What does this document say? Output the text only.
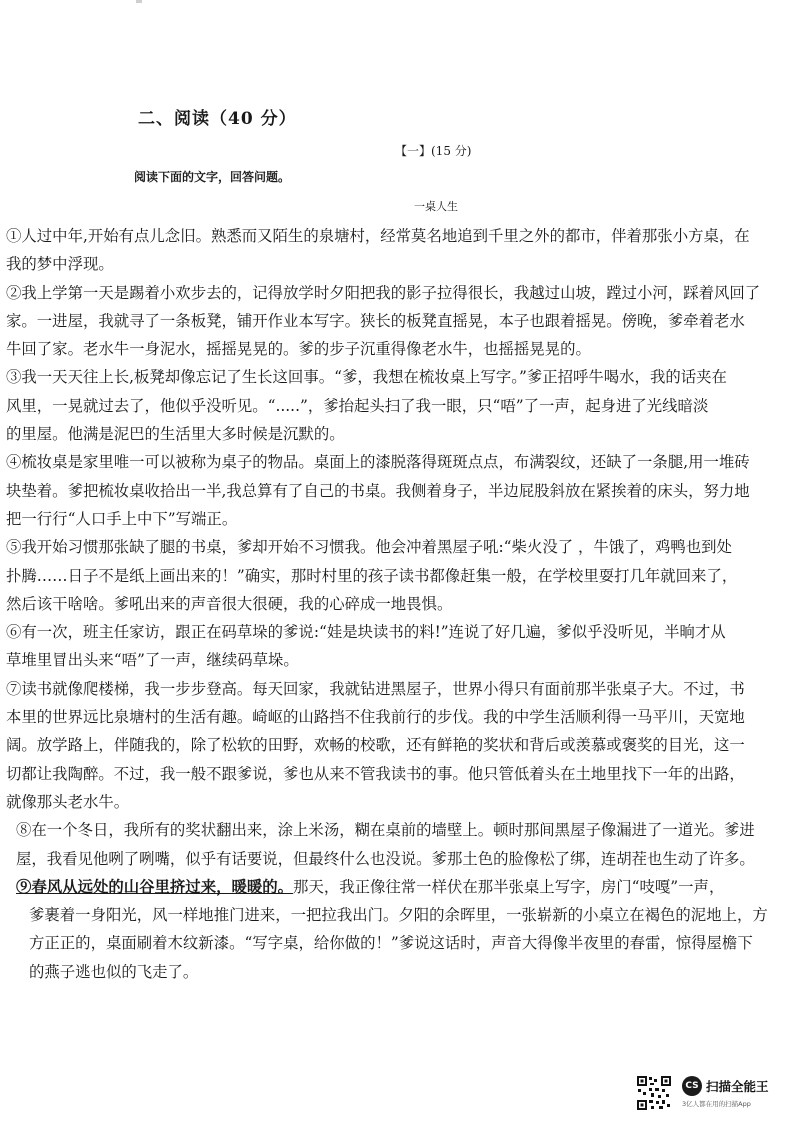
二、阅读（40 分）
【一】(15 分)
阅读下面的文字，回答问题。
一桌人生

①人过中年,开始有点儿念旧。熟悉而又陌生的泉塘村，经常莫名地追到千里之外的都市，伴着那张小方桌，在
我的梦中浮现。

②我上学第一天是踢着小欢步去的，记得放学时夕阳把我的影子拉得很长，我越过山坡，蹚过小河，踩着风回了
家。一进屋，我就寻了一条板凳，铺开作业本写字。狭长的板凳直摇晃，本子也跟着摇晃。傍晚，爹牵着老水
牛回了家。老水牛一身泥水，摇摇晃晃的。爹的步子沉重得像老水牛，也摇摇晃晃的。

③我一天天往上长,板凳却像忘记了生长这回事。“爹，我想在梳妆桌上写字。”爹正招呼牛喝水，我的话夹在
风里，一晃就过去了，他似乎没听见。“.....”，爹抬起头扫了我一眼，只“唔”了一声，起身进了光线暗淡
的里屋。他满是泥巴的生活里大多时候是沉默的。

④梳妆桌是家里唯一可以被称为桌子的物品。桌面上的漆脱落得斑斑点点，布满裂纹，还缺了一条腿,用一堆砖
块垫着。爹把梳妆桌收拾出一半,我总算有了自己的书桌。我侧着身子，半边屁股斜放在紧挨着的床头，努力地
把一行行“人口手上中下”写端正。

⑤我开始习惯那张缺了腿的书桌，爹却开始不习惯我。他会冲着黑屋子吼:“柴火没了 ，牛饿了，鸡鸭也到处
扑腾……日子不是纸上画出来的！”确实，那时村里的孩子读书都像赶集一般，在学校里耍打几年就回来了，
然后该干啥啥。爹吼出来的声音很大很硬，我的心碎成一地畏惧。

⑥有一次，班主任家访，跟正在码草垛的爹说:“娃是块读书的料!”连说了好几遍，爹似乎没听见，半晌才从
草堆里冒出头来“唔”了一声，继续码草垛。

⑦读书就像爬楼梯，我一步步登高。每天回家，我就钻进黑屋子，世界小得只有面前那半张桌子大。不过，书
本里的世界远比泉塘村的生活有趣。崎岖的山路挡不住我前行的步伐。我的中学生活顺利得一马平川，天宽地
阔。放学路上，伴随我的，除了松软的田野，欢畅的校歌，还有鲜艳的奖状和背后或羡慕或褒奖的目光，这一
切都让我陶醉。不过，我一般不跟爹说，爹也从来不管我读书的事。他只管低着头在土地里找下一年的出路，
就像那头老水牛。

⑧在一个冬日，我所有的奖状翻出来，涂上米汤，糊在桌前的墙壁上。顿时那间黑屋子像漏进了一道光。爹进
屋，我看见他咧了咧嘴，似乎有话要说，但最终什么也没说。爹那土色的脸像松了绑，连胡茬也生动了许多。

⑨春风从远处的山谷里挤过来，暖暖的。那天，我正像往常一样伏在那半张桌上写字，房门“吱嘎”一声，
爹裹着一身阳光，风一样地推门进来，一把拉我出门。夕阳的余晖里，一张崭新的小桌立在褐色的泥地上，方
方正正的，桌面刷着木纹新漆。“写字桌，给你做的！”爹说这话时，声音大得像半夜里的春雷，惊得屋檐下
的燕子逃也似的飞走了。

CS 扫描全能王
3亿人都在用的扫描App
